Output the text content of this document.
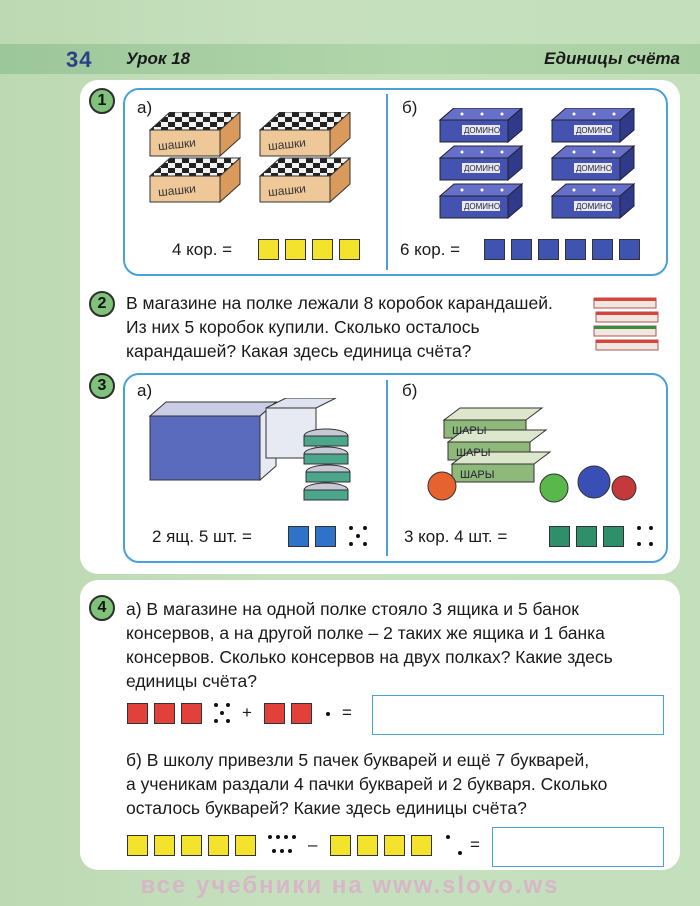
34 Урок 18	Единицы счёта
1	а)	б)
шашки
4 кор. =	6 кор. =
2	В магазине на полке лежали 8 коробок карандашей.
Из них 5 коробок купили. Сколько осталось
карандашей? Какая здесь единица счёта?
3	а)	б)
ШАРЫ
ШАРЫ
ШАРЫ
2 ящ. 5 шт. =	3 кор. 4 шт. =
4	а) В магазине на одной полке стояло 3 ящика и 5 банок
консервов, а на другой полке – 2 таких же ящика и 1 банка
консервов. Сколько консервов на двух полках? Какие здесь
единицы счёта?
+	=
б) В школу привезли 5 пачек букварей и ещё 7 букварей,
а ученикам раздали 4 пачки букварей и 2 букваря. Сколько
осталось букварей? Какие здесь единицы счёта?
–	=
все учебники на www.slovo.ws
